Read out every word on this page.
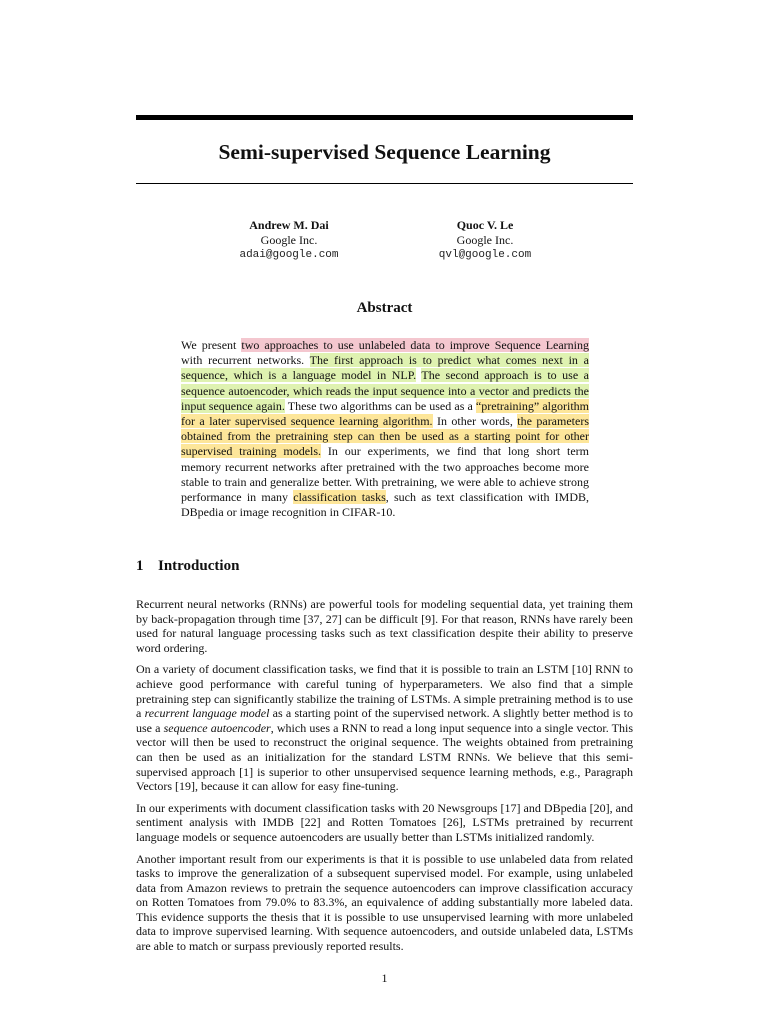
Semi-supervised Sequence Learning
Andrew M. Dai
Google Inc.
adai@google.com
Quoc V. Le
Google Inc.
qvl@google.com
Abstract

We present two approaches to use unlabeled data to improve Sequence Learning with recurrent networks. The first approach is to predict what comes next in a sequence, which is a language model in NLP. The second approach is to use a sequence autoencoder, which reads the input sequence into a vector and predicts the input sequence again. These two algorithms can be used as a “pretraining” algorithm for a later supervised sequence learning algorithm. In other words, the parameters obtained from the pretraining step can then be used as a starting point for other supervised training models. In our experiments, we find that long short term memory recurrent networks after pretrained with the two approaches become more stable to train and generalize better. With pretraining, we were able to achieve strong performance in many classification tasks, such as text classification with IMDB, DBpedia or image recognition in CIFAR-10.

1 Introduction

Recurrent neural networks (RNNs) are powerful tools for modeling sequential data, yet training them by back-propagation through time [37, 27] can be difficult [9]. For that reason, RNNs have rarely been used for natural language processing tasks such as text classification despite their ability to preserve word ordering.

On a variety of document classification tasks, we find that it is possible to train an LSTM [10] RNN to achieve good performance with careful tuning of hyperparameters. We also find that a simple pretraining step can significantly stabilize the training of LSTMs. A simple pretraining method is to use a recurrent language model as a starting point of the supervised network. A slightly better method is to use a sequence autoencoder, which uses a RNN to read a long input sequence into a single vector. This vector will then be used to reconstruct the original sequence. The weights obtained from pretraining can then be used as an initialization for the standard LSTM RNNs. We believe that this semi-supervised approach [1] is superior to other unsupervised sequence learning methods, e.g., Paragraph Vectors [19], because it can allow for easy fine-tuning.

In our experiments with document classification tasks with 20 Newsgroups [17] and DBpedia [20], and sentiment analysis with IMDB [22] and Rotten Tomatoes [26], LSTMs pretrained by recurrent language models or sequence autoencoders are usually better than LSTMs initialized randomly.

Another important result from our experiments is that it is possible to use unlabeled data from related tasks to improve the generalization of a subsequent supervised model. For example, using unlabeled data from Amazon reviews to pretrain the sequence autoencoders can improve classification accuracy on Rotten Tomatoes from 79.0% to 83.3%, an equivalence of adding substantially more labeled data. This evidence supports the thesis that it is possible to use unsupervised learning with more unlabeled data to improve supervised learning. With sequence autoencoders, and outside unlabeled data, LSTMs are able to match or surpass previously reported results.

1
